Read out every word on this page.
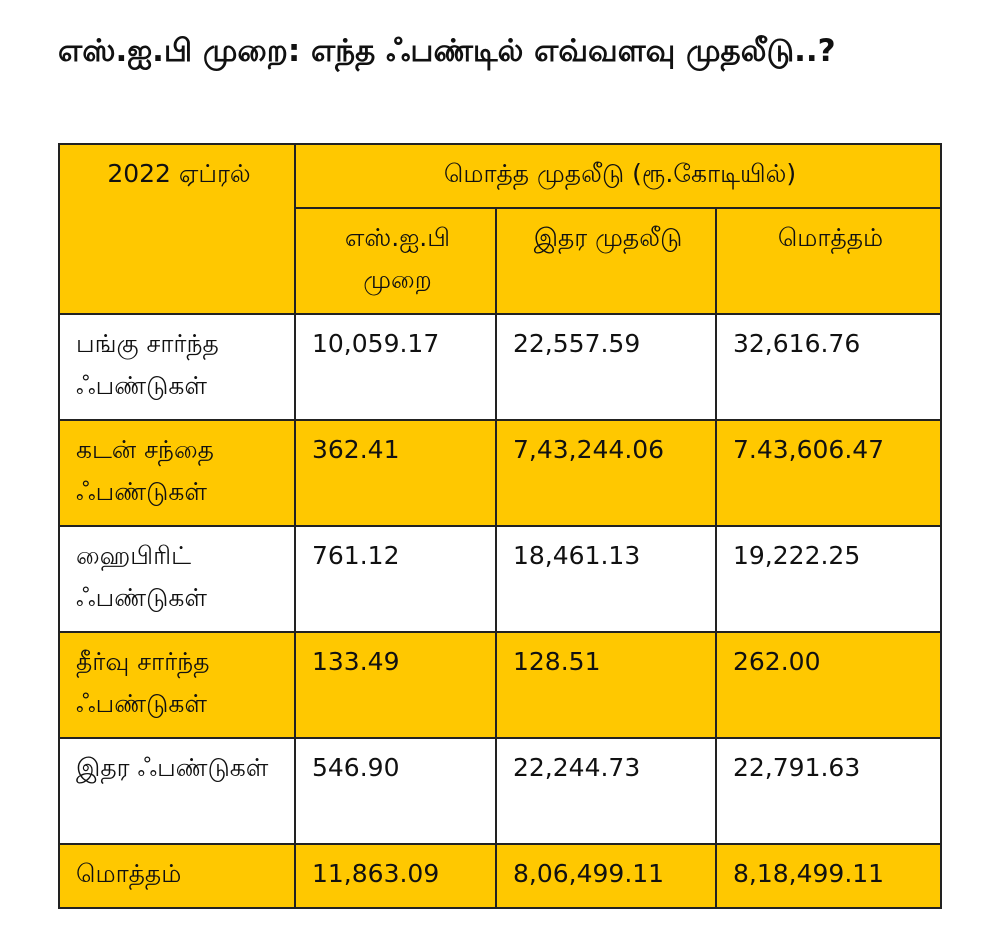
எஸ்.ஐ.பி முறை: எந்த ஃபண்டில் எவ்வளவு முதலீடு..?
2022 ஏப்ரல்	மொத்த முதலீடு (ரூ.கோடியில்)		
	எஸ்.ஐ.பி முறை	இதர முதலீடு	மொத்தம்
பங்கு சார்ந்த ஃபண்டுகள்	10,059.17	22,557.59	32,616.76
கடன் சந்தை ஃபண்டுகள்	362.41	7,43,244.06	7.43,606.47
ஹைபிரிட் ஃபண்டுகள்	761.12	18,461.13	19,222.25
தீர்வு சார்ந்த ஃபண்டுகள்	133.49	128.51	262.00
இதர ஃபண்டுகள்	546.90	22,244.73	22,791.63
மொத்தம்	11,863.09	8,06,499.11	8,18,499.11
